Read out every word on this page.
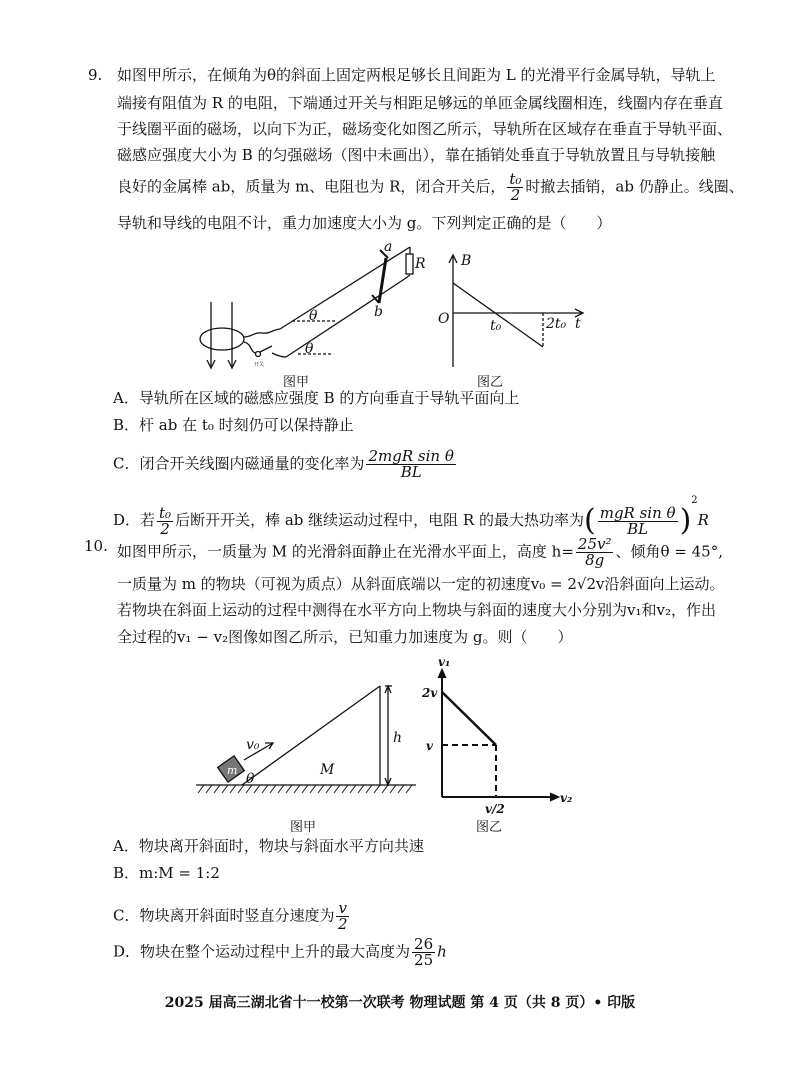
9. 如图甲所示，在倾角为θ的斜面上固定两根足够长且间距为 L 的光滑平行金属导轨，导轨上
端接有阻值为 R 的电阻，下端通过开关与相距足够远的单匝金属线圈相连，线圈内存在垂直
于线圈平面的磁场，以向下为正，磁场变化如图乙所示，导轨所在区域存在垂直于导轨平面、
磁感应强度大小为 B 的匀强磁场（图中未画出），靠在插销处垂直于导轨放置且与导轨接触
良好的金属棒 ab，质量为 m、电阻也为 R，闭合开关后， $\frac{\text{t₀}}{2}$ 时撤去插销，ab 仍静止。线圈、
导轨和导线的电阻不计，重力加速度大小为 g。下列判定正确的是（　　）
a
b
R
θ
θ
开关
图甲
B
O	t₀	2t₀ t
图乙
m
v₀
θ
M
h
图甲
v₁
2v
v
v/2
v₂
图乙
A．导轨所在区域的磁感应强度 B 的方向垂直于导轨平面向上
B．杆 ab 在 t₀ 时刻仍可以保持静止
C．闭合开关线圈内磁通量的变化率为 $\frac{\text{2mgR sin θ}}{BL}$
D．若 $\frac{\text{t₀}}{2}$ 后断开开关，棒 ab 继续运动过程中，电阻 R 的最大热功率为( $\frac{\text{mgR sin θ}}{BL} )^2R$
10. 如图甲所示，一质量为 M 的光滑斜面静止在光滑水平面上，高度 $h= \frac{\text{25v²}}{8g}$ 、倾角θ = 45°,
一质量为 m 的物块（可视为质点）从斜面底端以一定的初速度v₀ = 2√2v沿斜面向上运动。
若物块在斜面上运动的过程中测得在水平方向上物块与斜面的速度大小分别为v₁和v₂，作出
全过程的v₁ − v₂图像如图乙所示，已知重力加速度为 g。则（　　）
A．物块离开斜面时，物块与斜面水平方向共速
B．m:M = 1:2
C．物块离开斜面时竖直分速度为 $\frac{v}{2}$
D．物块在整个运动过程中上升的最大高度为 $\frac{26}{25}$ h
2025 届高三湖北省十一校第一次联考 物理试题 第 4 页（共 8 页）• 印版
